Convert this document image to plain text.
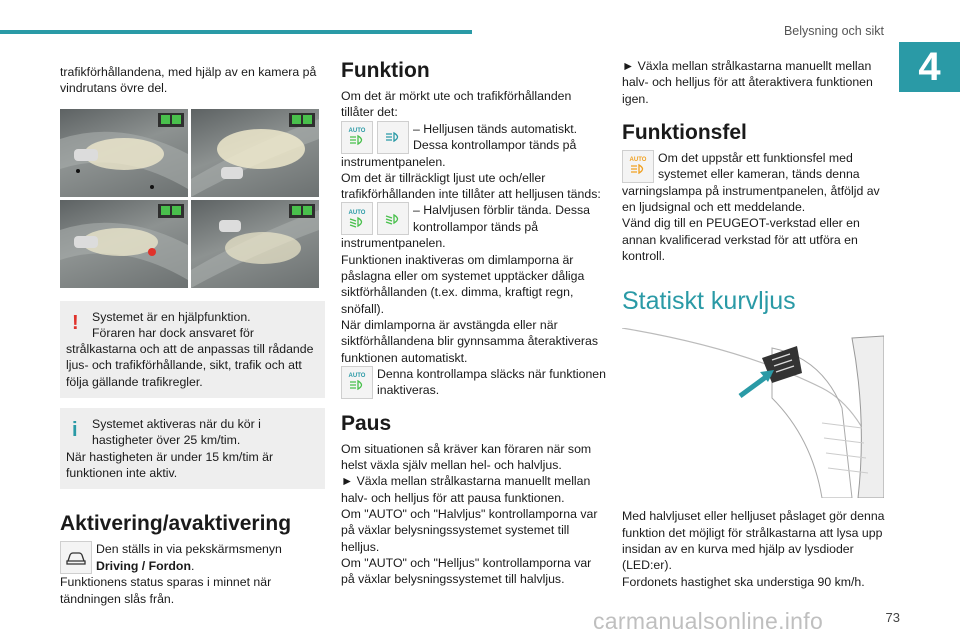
Belysning och sikt
4

trafikförhållandena, med hjälp av en kamera på vindrutans övre del.

!	Systemet är en hjälpfunktion.

Föraren har dock ansvaret för

strålkastarna och att de anpassas till rådande ljus- och trafikförhållande, sikt, trafik och att följa gällande trafikregler.

i	Systemet aktiveras när du kör i

hastigheter över 25 km/tim.

När hastigheten är under 15 km/tim är funktionen inte aktiv.

Aktivering/avaktivering

Den ställs in via pekskärmsmenyn

Driving / Fordon.

Funktionens status sparas i minnet när tändningen slås från.

Funktion

Om det är mörkt ute och trafikförhållanden tillåter det:

AUTO	– Helljusen tänds automatiskt.

Dessa kontrollampor tänds på

instrumentpanelen.
Om det är tillräckligt ljust ute och/eller trafikförhållanden inte tillåter att helljusen tänds:

AUTO	– Halvljusen förblir tända. Dessa

kontrollampor tänds på

instrumentpanelen.
Funktionen inaktiveras om dimlamporna är påslagna eller om systemet upptäcker dåliga siktförhållanden (t.ex. dimma, kraftigt regn, snöfall).
När dimlamporna är avstängda eller när siktförhållandena blir gynnsamma återaktiveras funktionen automatiskt.

AUTO Denna kontrollampa släcks när funktionen

inaktiveras.

Paus

Om situationen så kräver kan föraren när som helst växla själv mellan hel- och halvljus.
► Växla mellan strålkastarna manuellt mellan halv- och helljus för att pausa funktionen.
Om "AUTO" och "Halvljus" kontrollamporna var på växlar belysningssystemet systemet till helljus.
Om "AUTO" och "Helljus" kontrollamporna var på växlar belysningssystemet till halvljus.

► Växla mellan strålkastarna manuellt mellan halv- och helljus för att återaktivera funktionen igen.

Funktionsfel
AUTO Om det uppstår ett funktionsfel med

systemet eller kameran, tänds denna

varningslampa på instrumentpanelen, åtföljd av en ljudsignal och ett meddelande.
Vänd dig till en PEUGEOT-verkstad eller en annan kvalificerad verkstad för att utföra en kontroll.

Statiskt kurvljus

Med halvljuset eller helljuset påslaget gör denna funktion det möjligt för strålkastarna att lysa upp insidan av en kurva med hjälp av lysdioder (LED:er).
Fordonets hastighet ska understiga 90 km/h.

carmanualsonline.info	73
